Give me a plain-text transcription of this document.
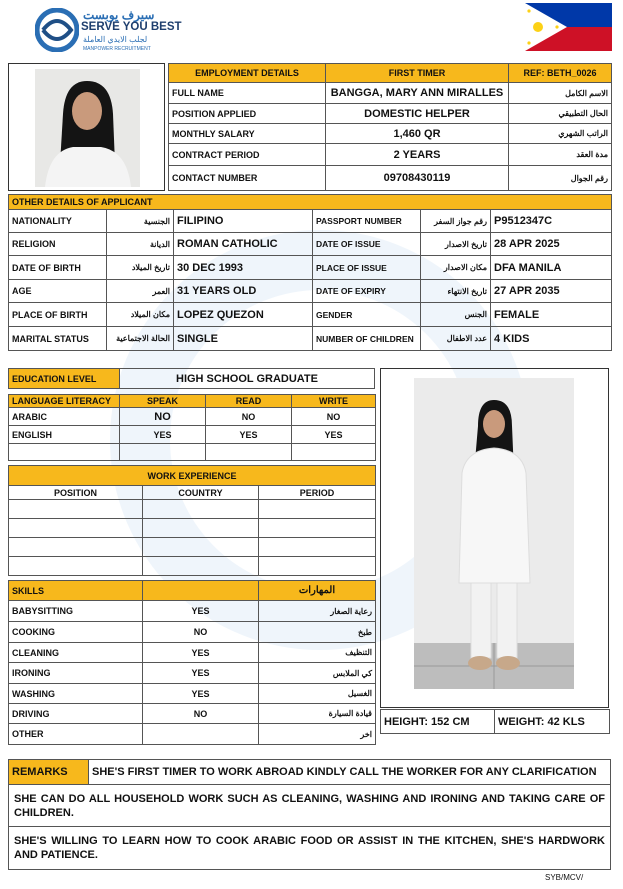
سيرف يوبست
SERVE YOU BEST
لجلب الايدي العاملة
MANPOWER RECRUITMENT
EMPLOYMENT DETAILS	FIRST TIMER	REF: BETH_0026
FULL NAME	BANGGA, MARY ANN MIRALLES	الاسم الكامل
POSITION APPLIED	DOMESTIC HELPER	الحال التطبيقي
MONTHLY SALARY	1,460 QR	الراتب الشهري
CONTRACT PERIOD	2 YEARS	مدة العقد
CONTACT NUMBER	09708430119	رقم الجوال
OTHER DETAILS OF APPLICANT					
NATIONALITY	الجنسية	FILIPINO	PASSPORT NUMBER	رقم جواز السفر	P9512347C
RELIGION	الديانة	ROMAN CATHOLIC	DATE OF ISSUE	تاريخ الاصدار	28 APR 2025
DATE OF BIRTH	تاريخ الميلاد	30 DEC 1993	PLACE OF ISSUE	مكان الاصدار	DFA MANILA
AGE	العمر	31 YEARS OLD	DATE OF EXPIRY	تاريخ الانتهاء	27 APR 2035
PLACE OF BIRTH	مكان الميلاد	LOPEZ QUEZON	GENDER	الجنس	FEMALE
MARITAL STATUS	الحالة الاجتماعية	SINGLE	NUMBER OF CHILDREN	عدد الاطفال	4 KIDS
EDUCATION LEVEL	HIGH SCHOOL GRADUATE
LANGUAGE LITERACY	SPEAK	READ	WRITE
ARABIC	NO	NO	NO
ENGLISH	YES	YES	YES

WORK EXPERIENCE		
POSITION	COUNTRY	PERIOD

SKILLS		المهارات
BABYSITTING	YES	رعاية الصغار
COOKING	NO	طبخ
CLEANING	YES	التنظيف
IRONING	YES	كي الملابس
WASHING	YES	الغسيل
DRIVING	NO	قيادة السيارة
OTHER		اخر
HEIGHT: 152 CM	WEIGHT: 42 KLS
REMARKS	SHE'S FIRST TIMER TO WORK ABROAD KINDLY CALL THE WORKER FOR ANY CLARIFICATION
SHE CAN DO ALL HOUSEHOLD WORK SUCH AS CLEANING, WASHING AND IRONING AND TAKING CARE OF CHILDREN.
SHE'S WILLING TO LEARN HOW TO COOK ARABIC FOOD OR ASSIST IN THE KITCHEN, SHE'S HARDWORK AND PATIENCE.
SYB/MCV/
